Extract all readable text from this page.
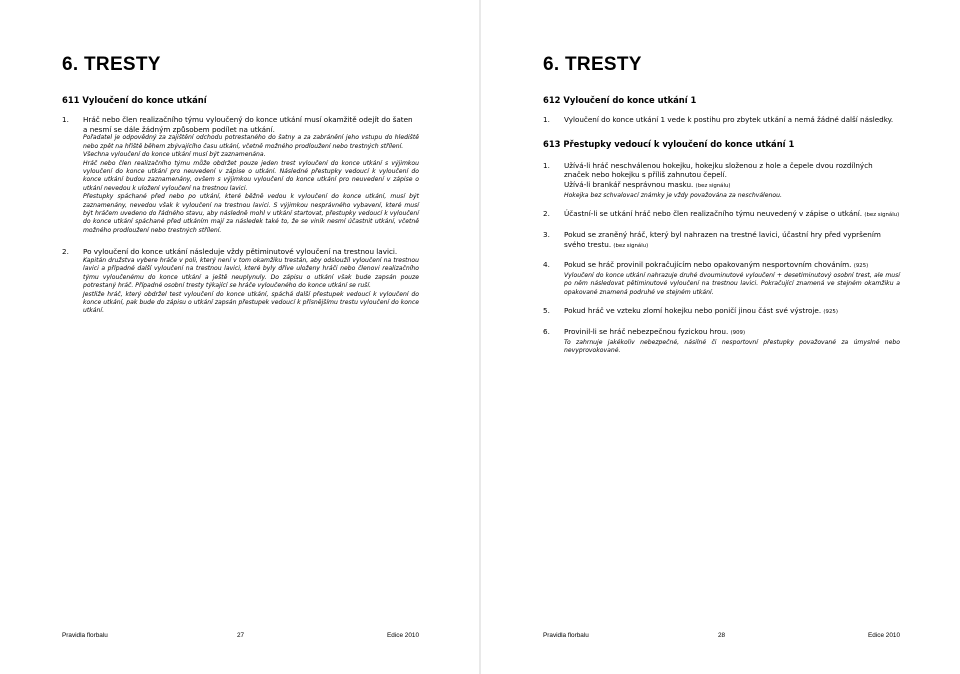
6. TRESTY
611 Vyloučení do konce utkání
1. Hráč nebo člen realizačního týmu vyloučený do konce utkání musí okamžitě odejít do šaten a nesmí se dále žádným způsobem podílet na utkání.
Pořadatel je odpovědný za zajištění odchodu potrestaného do šatny a za zabránění jeho vstupu do hlediště nebo zpět na hřiště během zbývajícího času utkání, včetně možného prodloužení nebo trestných střílení.
Všechna vyloučení do konce utkání musí být zaznamenána.
Hráč nebo člen realizačního týmu může obdržet pouze jeden trest vyloučení do konce utkání s výjimkou vyloučení do konce utkání pro neuvedení v zápise o utkání. Následné přestupky vedoucí k vyloučení do konce utkání budou zaznamenány, ovšem s výjimkou vyloučení do konce utkání pro neuvedení v zápise o utkání nevedou k uložení vyloučení na trestnou lavici.
Přestupky spáchané před nebo po utkání, které běžně vedou k vyloučení do konce utkání, musí být zaznamenány, nevedou však k vyloučení na trestnou lavici. S výjimkou nesprávného vybavení, které musí být hráčem uvedeno do řádného stavu, aby následně mohl v utkání startovat, přestupky vedoucí k vyloučení do konce utkání spáchané před utkáním mají za následek také to, že se viník nesmí účastnit utkání, včetně možného prodloužení nebo trestných střílení.
2. Po vyloučení do konce utkání následuje vždy pětiminutové vyloučení na trestnou lavici.
Kapitán družstva vybere hráče v poli, který není v tom okamžiku trestán, aby odsloužil vyloučení na trestnou lavici a případné další vyloučení na trestnou lavici, které byly dříve uloženy hráči nebo členovi realizačního týmu vyloučenému do konce utkání a ještě neuplynuly. Do zápisu o utkání však bude zapsán pouze potrestaný hráč. Případné osobní tresty týkající se hráče vyloučeného do konce utkání se ruší.
Jestliže hráč, který obdržel test vyloučení do konce utkání, spáchá další přestupek vedoucí k vyloučení do konce utkání, pak bude do zápisu o utkání zapsán přestupek vedoucí k přísnějšímu trestu vyloučení do konce utkání.
Pravidla florbalu	27	Edice 2010
6. TRESTY
612 Vyloučení do konce utkání 1
1. Vyloučení do konce utkání 1 vede k postihu pro zbytek utkání a nemá žádné další následky.
613 Přestupky vedoucí k vyloučení do konce utkání 1
1. Užívá-li hráč neschválenou hokejku, hokejku složenou z hole a čepele dvou rozdílných značek nebo hokejku s příliš zahnutou čepelí.
Užívá-li brankář nesprávnou masku. (bez signálu)
Hokejka bez schvalovací známky je vždy považována za neschválenou.
2. Účastní-li se utkání hráč nebo člen realizačního týmu neuvedený v zápise o utkání. (bez signálu)
3. Pokud se zraněný hráč, který byl nahrazen na trestné lavici, účastní hry před vypršením svého trestu. (bez signálu)
4. Pokud se hráč provinil pokračujícím nebo opakovaným nesportovním chováním. (925)
Vyloučení do konce utkání nahrazuje druhé dvouminutové vyloučení + desetiminutový osobní trest, ale musí po něm následovat pětiminutové vyloučení na trestnou lavici. Pokračující znamená ve stejném okamžiku a opakované znamená podruhé ve stejném utkání.
5. Pokud hráč ve vzteku zlomí hokejku nebo poničí jinou část své výstroje. (925)
6. Provinil-li se hráč nebezpečnou fyzickou hrou. (909)
To zahrnuje jakékoliv nebezpečné, násilné či nesportovní přestupky považované za úmyslné nebo nevyprovokované.
Pravidla florbalu	28	Edice 2010
